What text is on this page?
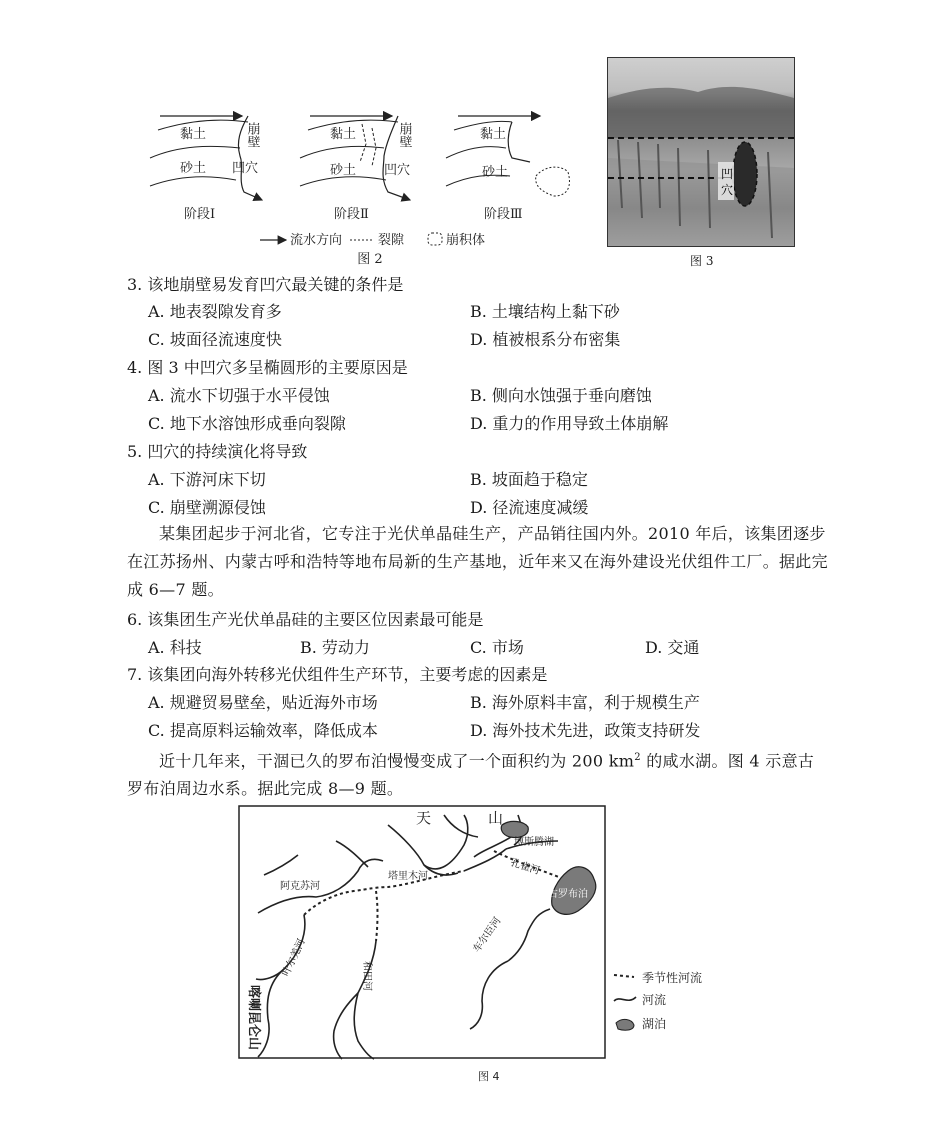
黏土
砂土
崩壁
凹穴
阶段Ⅰ
黏土
砂土
崩壁
凹穴
阶段Ⅱ
黏土
砂土
阶段Ⅲ
流水方向	裂隙	崩积体
图 2
凹
穴
图 3
3. 该地崩壁易发育凹穴最关键的条件是
A. 地表裂隙发育多	B. 土壤结构上黏下砂
C. 坡面径流速度快	D. 植被根系分布密集
4. 图 3 中凹穴多呈椭圆形的主要原因是
A. 流水下切强于水平侵蚀	B. 侧向水蚀强于垂向磨蚀
C. 地下水溶蚀形成垂向裂隙	D. 重力的作用导致土体崩解
5. 凹穴的持续演化将导致
A. 下游河床下切	B. 坡面趋于稳定
C. 崩壁溯源侵蚀	D. 径流速度减缓
某集团起步于河北省，它专注于光伏单晶硅生产，产品销往国内外。2010 年后，该集团逐步在江苏扬州、内蒙古呼和浩特等地布局新的生产基地，近年来又在海外建设光伏组件工厂。据此完成 6—7 题。
6. 该集团生产光伏单晶硅的主要区位因素最可能是
A. 科技	B. 劳动力	C. 市场	D. 交通
7. 该集团向海外转移光伏组件生产环节，主要考虑的因素是
A. 规避贸易壁垒，贴近海外市场	B. 海外原料丰富，利于规模生产
C. 提高原料运输效率，降低成本	D. 海外技术先进，政策支持研发
近十几年来，干涸已久的罗布泊慢慢变成了一个面积约为 200 $km^2$ 的咸水湖。图 4 示意古罗布泊周边水系。据此完成 8—9 题。
天	山
博斯腾湖
孔雀河
阿克苏河
塔里木河
古罗布泊
车尔臣河
叶尔羌河	和田河
喀喇昆仑山
季节性河流
河流
湖泊
图 4
